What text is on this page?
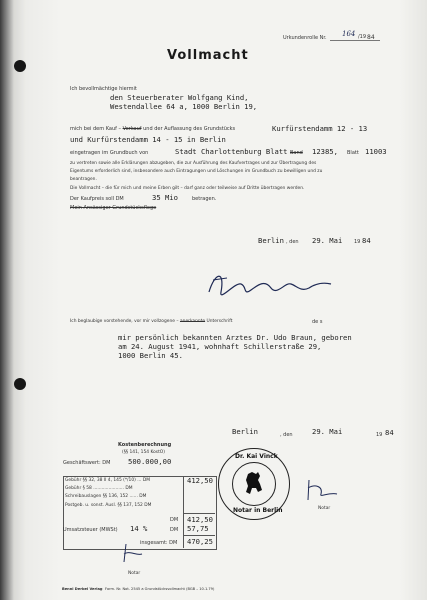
Urkundenrolle Nr. 164 /19 84
Vollmacht
Ich bevollmächtige hiermit
den Steuerberater Wolfgang Kind,
Westendallee 64 a, 1000 Berlin 19,
mich bei dem Kauf – Verkauf und der Auflassung des Grundstücks	Kurfürstendamm 12 - 13
und Kurfürstendamm 14 - 15 in Berlin
eingetragen im Grundbuch von	Stadt Charlottenburg Blatt Band 12385, Blatt 11003
zu vertreten sowie alle Erklärungen abzugeben, die zur Ausführung des Kaufvertrages und zur Übertragung des
Eigentums erforderlich sind, insbesondere auch Eintragungen und Löschungen im Grundbuch zu bewilligen und zu
beantragen.
Die Vollmacht – die für mich und meine Erben gilt – darf ganz oder teilweise auf Dritte übertragen werden.
Der Kaufpreis soll DM	35 Mio	betragen.
Mein Ansässiger Grundstücksflege
Berlin , den 29. Mai 19 84
Ich beglaubige vorstehende, vor mir vollzogene – anerkannte Unterschrift	de s
mir persönlich bekannten Arztes Dr. Udo Braun, geboren
am 24. August 1941, wohnhaft Schillerstraße 29,
1000 Berlin 45.
Berlin	, den	29. Mai	19 84
Kostenberechnung
(§§ 141, 154 KostO)
Geschäftswert: DM 500.000,00
Gebühr §§ 32, 38 II 4, 145 (*/10) ... DM	412,50
Gebühr § 58 ...................... DM
Schreibauslagen §§ 136, 152 ...... DM
Postgeb. u. sonst. Ausl. §§ 137, 152 DM
DM 412,50
Umsatzsteuer (MWSt) 14 %	DM 57,75
insgesamt: DM 470,25
Notar
Dr. Kai Vinck
Notar in Berlin	Notar
Benni Derbel Verlag Form. Nr. Not. 2545 a Grundstücksvollmacht (BGB – 10.1.79)
